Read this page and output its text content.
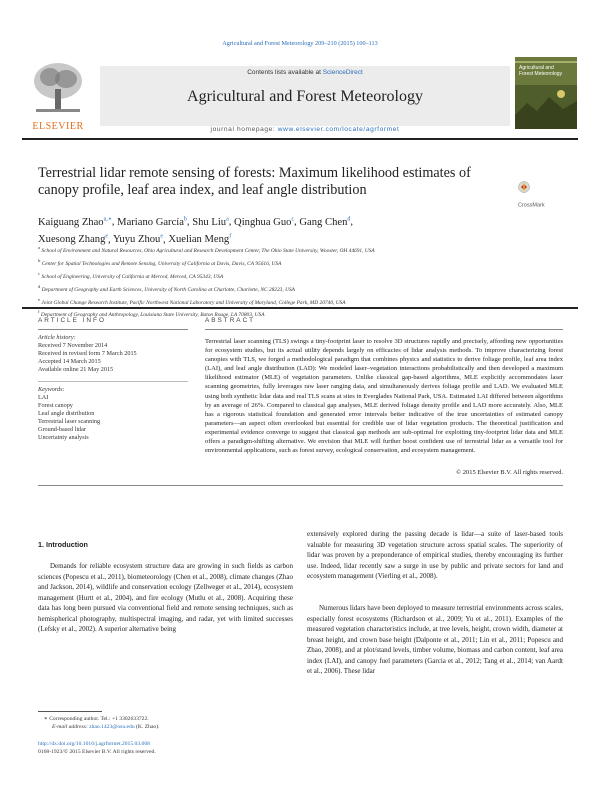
Agricultural and Forest Meteorology 209–210 (2015) 100–113
ELSEVIER
Contents lists available at ScienceDirect
Agricultural and Forest Meteorology
Agricultural and
Forest Meteorology
journal homepage: www.elsevier.com/locate/agrformet
Terrestrial lidar remote sensing of forests: Maximum likelihood estimates of canopy profile, leaf area index, and leaf angle distribution
CrossMark
Kaiguang Zhao$^{a,∗}$, Mariano García$^b$, Shu Liu$^a$, Qinghua Guo$^c$, Gang Chen$^d$,
Xuesong Zhang$^e$, Yuyu Zhou$^e$, Xuelian Meng$^f$
$^a$ School of Environment and Natural Resources, Ohio Agricultural and Research Development Center, The Ohio State University, Wooster, OH 44691, USA
$^b$ Center for Spatial Technologies and Remote Sensing, University of California at Davis, Davis, CA 95616, USA
$^c$ School of Engineering, University of California at Merced, Merced, CA 95343, USA
$^d$ Department of Geography and Earth Sciences, University of North Carolina at Charlotte, Charlotte, NC 28223, USA
$^e$ Joint Global Change Research Institute, Pacific Northwest National Laboratory and University of Maryland, College Park, MD 20740, USA
$^f$ Department of Geography and Anthropology, Louisiana State University, Baton Rouge, LA 70803, USA
ARTICLE INFO
Article history:
Received 7 November 2014
Received in revised form 7 March 2015
Accepted 14 March 2015
Available online 21 May 2015
Keywords:
LAI
Forest canopy
Leaf angle distribution
Terrestrial laser scanning
Ground-based lidar
Uncertainty analysis
ABSTRACT
Terrestrial laser scanning (TLS) swings a tiny-footprint laser to resolve 3D structures rapidly and precisely, affording new opportunities for ecosystem studies, but its actual utility depends largely on efficacies of lidar analysis methods. To improve characterizing forest canopies with TLS, we forged a methodological paradigm that combines physics and statistics to derive foliage profile, leaf area index (LAI), and leaf angle distribution (LAD): We modeled laser–vegetation interactions probabilistically and then developed a maximum likelihood estimator (MLE) of vegetation parameters. Unlike classical gap-based algorithms, MLE explicitly accommodates laser scanning geometries, fully leverages raw laser ranging data, and simultaneously derives foliage profile and LAD. We evaluated MLE using both synthetic lidar data and real TLS scans at sites in Everglades National Park, USA. Estimated LAI differed between algorithms by an average of 26%. Compared to classical gap analyses, MLE derived foliage density profile and LAD more accurately. Also, MLE has a rigorous statistical foundation and generated error intervals better indicative of the true uncertainties of estimated canopy parameters—an aspect often overlooked but essential for credible use of lidar vegetation products. The theoretical justification and experimental evidence converge to suggest that classical gap methods are sub-optimal for exploiting tiny-footprint lidar data and MLE offers a paradigm-shifting alternative. We envision that MLE will further boost confident use of terrestrial lidar as a versatile tool for environmental applications, such as forest survey, ecological conservation, and ecosystem management.
© 2015 Elsevier B.V. All rights reserved.
1. Introduction
Demands for reliable ecosystem structure data are growing in such fields as carbon sciences (Popescu et al., 2011), biometeorology (Chen et al., 2008), climate changes (Zhao and Jackson, 2014), wildlife and conservation ecology (Zellweger et al., 2014), ecosystem management (Hurtt et al., 2004), and fire ecology (Mutlu et al., 2008). Acquiring these data has long been pursued via conventional field and remote sensing techniques, such as hemispherical photography, multispectral imaging, and radar, yet with limited successes (Lefsky et al., 2002). A superior alternative being
extensively explored during the passing decade is lidar—a suite of laser-based tools valuable for measuring 3D vegetation structure across spatial scales. The superiority of lidar was proven by a preponderance of empirical studies, thereby encouraging its further use. Indeed, lidar recently saw a surge in use by public and private sectors for land and ecosystem management (Vierling et al., 2008).
Numerous lidars have been deployed to measure terrestrial environments across scales, especially forest ecosystems (Richardson et al., 2009; Yu et al., 2011). Examples of the measured vegetation characteristics include, at tree levels, height, crown width, diameter at breast height, and crown base height (Dalponte et al., 2011; Lin et al., 2011; Popescu and Zhao, 2008), and at plot/stand levels, timber volume, biomass and carbon content, leaf area index (LAI), and canopy fuel parameters (Garcia et al., 2012; Tang et al., 2014; van Aardt et al., 2006). These lidar
∗ Corresponding author. Tel.: +1 3302633722.
E-mail address: zhao.1423@osu.edu (K. Zhao).
http://dx.doi.org/10.1016/j.agrformet.2015.03.008
0168-1923/© 2015 Elsevier B.V. All rights reserved.
